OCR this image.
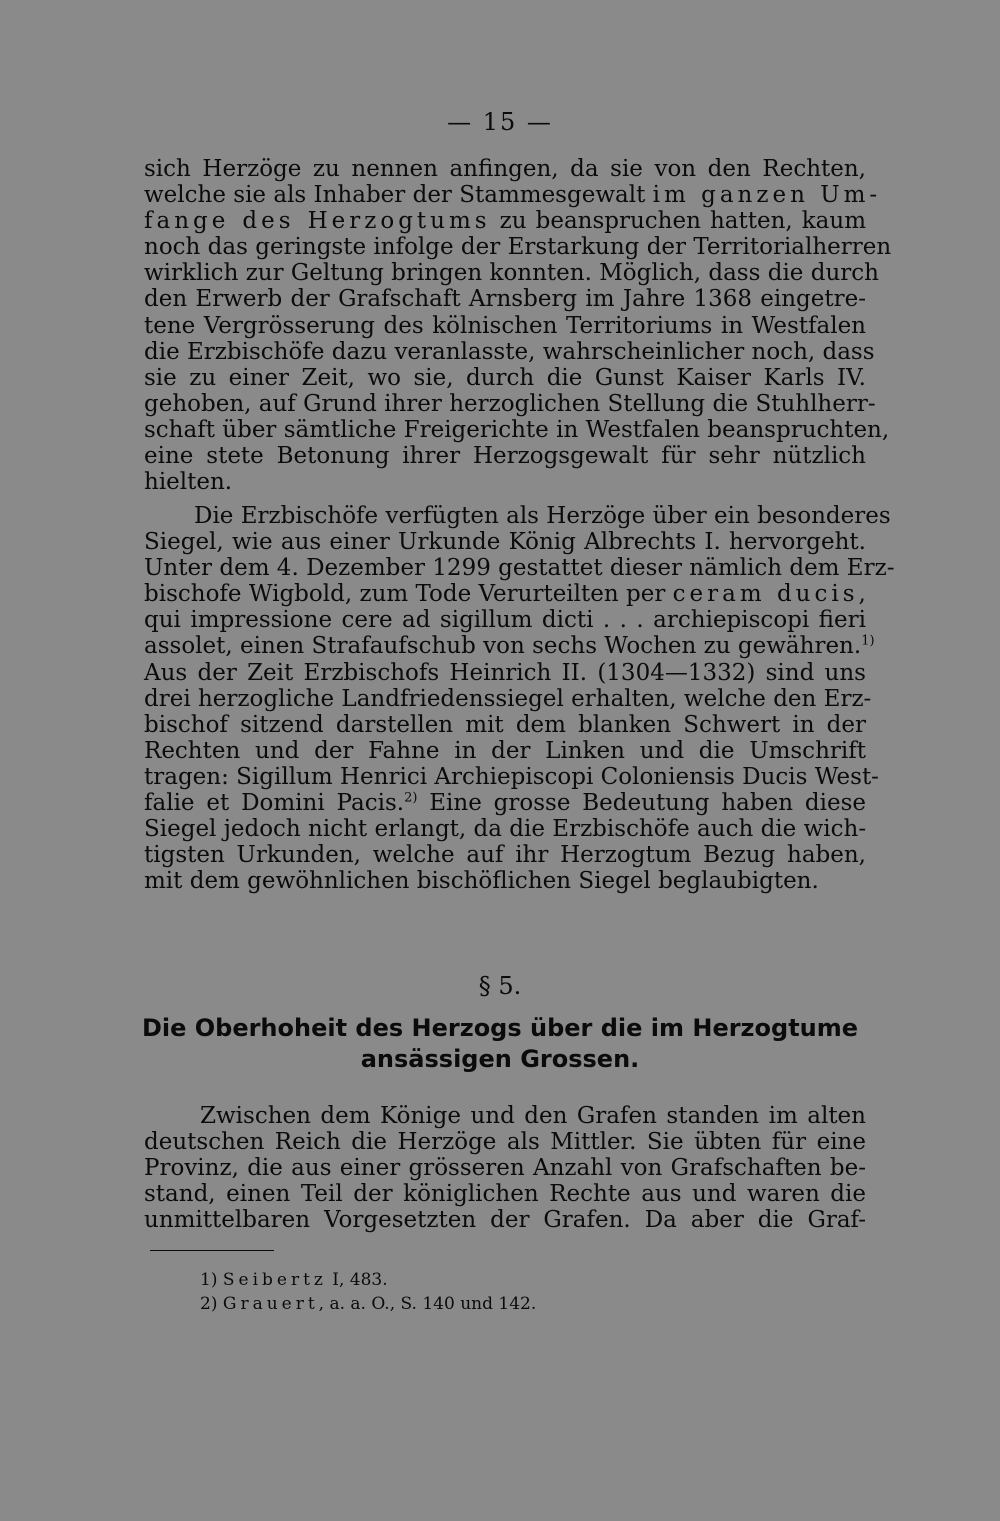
— 15 —
sich Herzöge zu nennen anfingen, da sie von den Rechten,
welche sie als Inhaber der Stammesgewalt im ganzen Um-
fange des Herzogtums zu beanspruchen hatten, kaum
noch das geringste infolge der Erstarkung der Territorialherren
wirklich zur Geltung bringen konnten. Möglich, dass die durch
den Erwerb der Grafschaft Arnsberg im Jahre 1368 eingetre-
tene Vergrösserung des kölnischen Territoriums in Westfalen
die Erzbischöfe dazu veranlasste, wahrscheinlicher noch, dass
sie zu einer Zeit, wo sie, durch die Gunst Kaiser Karls IV.
gehoben, auf Grund ihrer herzoglichen Stellung die Stuhlherr-
schaft über sämtliche Freigerichte in Westfalen beanspruchten,
eine stete Betonung ihrer Herzogsgewalt für sehr nützlich
hielten.
Die Erzbischöfe verfügten als Herzöge über ein besonderes
Siegel, wie aus einer Urkunde König Albrechts I. hervorgeht.
Unter dem 4. Dezember 1299 gestattet dieser nämlich dem Erz-
bischofe Wigbold, zum Tode Verurteilten per ceram ducis,
qui impressione cere ad sigillum dicti . . . archiepiscopi fieri
assolet, einen Strafaufschub von sechs Wochen zu gewähren.$^{1)}$
Aus der Zeit Erzbischofs Heinrich II. (1304—1332) sind uns
drei herzogliche Landfriedenssiegel erhalten, welche den Erz-
bischof sitzend darstellen mit dem blanken Schwert in der
Rechten und der Fahne in der Linken und die Umschrift
tragen: Sigillum Henrici Archiepiscopi Coloniensis Ducis West-
falie et Domini Pacis.$^{2)}$ Eine grosse Bedeutung haben diese
Siegel jedoch nicht erlangt, da die Erzbischöfe auch die wich-
tigsten Urkunden, welche auf ihr Herzogtum Bezug haben,
mit dem gewöhnlichen bischöflichen Siegel beglaubigten.
§ 5.
Die Oberhoheit des Herzogs über die im Herzogtume
ansässigen Grossen.
Zwischen dem Könige und den Grafen standen im alten
deutschen Reich die Herzöge als Mittler. Sie übten für eine
Provinz, die aus einer grösseren Anzahl von Grafschaften be-
stand, einen Teil der königlichen Rechte aus und waren die
unmittelbaren Vorgesetzten der Grafen. Da aber die Graf-
1) Seibertz I, 483.
2) Grauert, a. a. O., S. 140 und 142.
